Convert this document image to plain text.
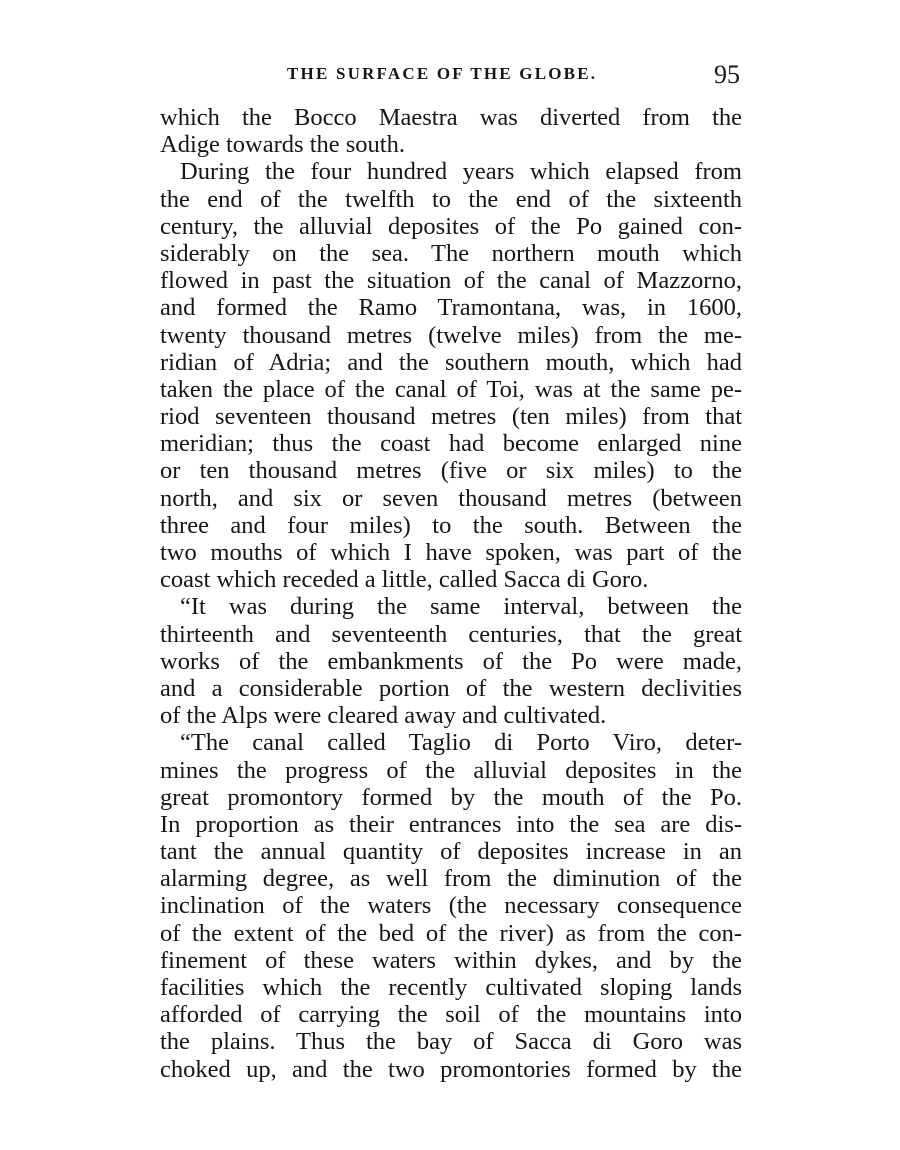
THE SURFACE OF THE GLOBE.	95
which the Bocco Maestra was diverted from the
Adige towards the south.
During the four hundred years which elapsed from
the end of the twelfth to the end of the sixteenth
century, the alluvial deposites of the Po gained con-
siderably on the sea. The northern mouth which
flowed in past the situation of the canal of Mazzorno,
and formed the Ramo Tramontana, was, in 1600,
twenty thousand metres (twelve miles) from the me-
ridian of Adria; and the southern mouth, which had
taken the place of the canal of Toi, was at the same pe-
riod seventeen thousand metres (ten miles) from that
meridian; thus the coast had become enlarged nine
or ten thousand metres (five or six miles) to the
north, and six or seven thousand metres (between
three and four miles) to the south. Between the
two mouths of which I have spoken, was part of the
coast which receded a little, called Sacca di Goro.
“It was during the same interval, between the
thirteenth and seventeenth centuries, that the great
works of the embankments of the Po were made,
and a considerable portion of the western declivities
of the Alps were cleared away and cultivated.
“The canal called Taglio di Porto Viro, deter-
mines the progress of the alluvial deposites in the
great promontory formed by the mouth of the Po.
In proportion as their entrances into the sea are dis-
tant the annual quantity of deposites increase in an
alarming degree, as well from the diminution of the
inclination of the waters (the necessary consequence
of the extent of the bed of the river) as from the con-
finement of these waters within dykes, and by the
facilities which the recently cultivated sloping lands
afforded of carrying the soil of the mountains into
the plains. Thus the bay of Sacca di Goro was
choked up, and the two promontories formed by the
